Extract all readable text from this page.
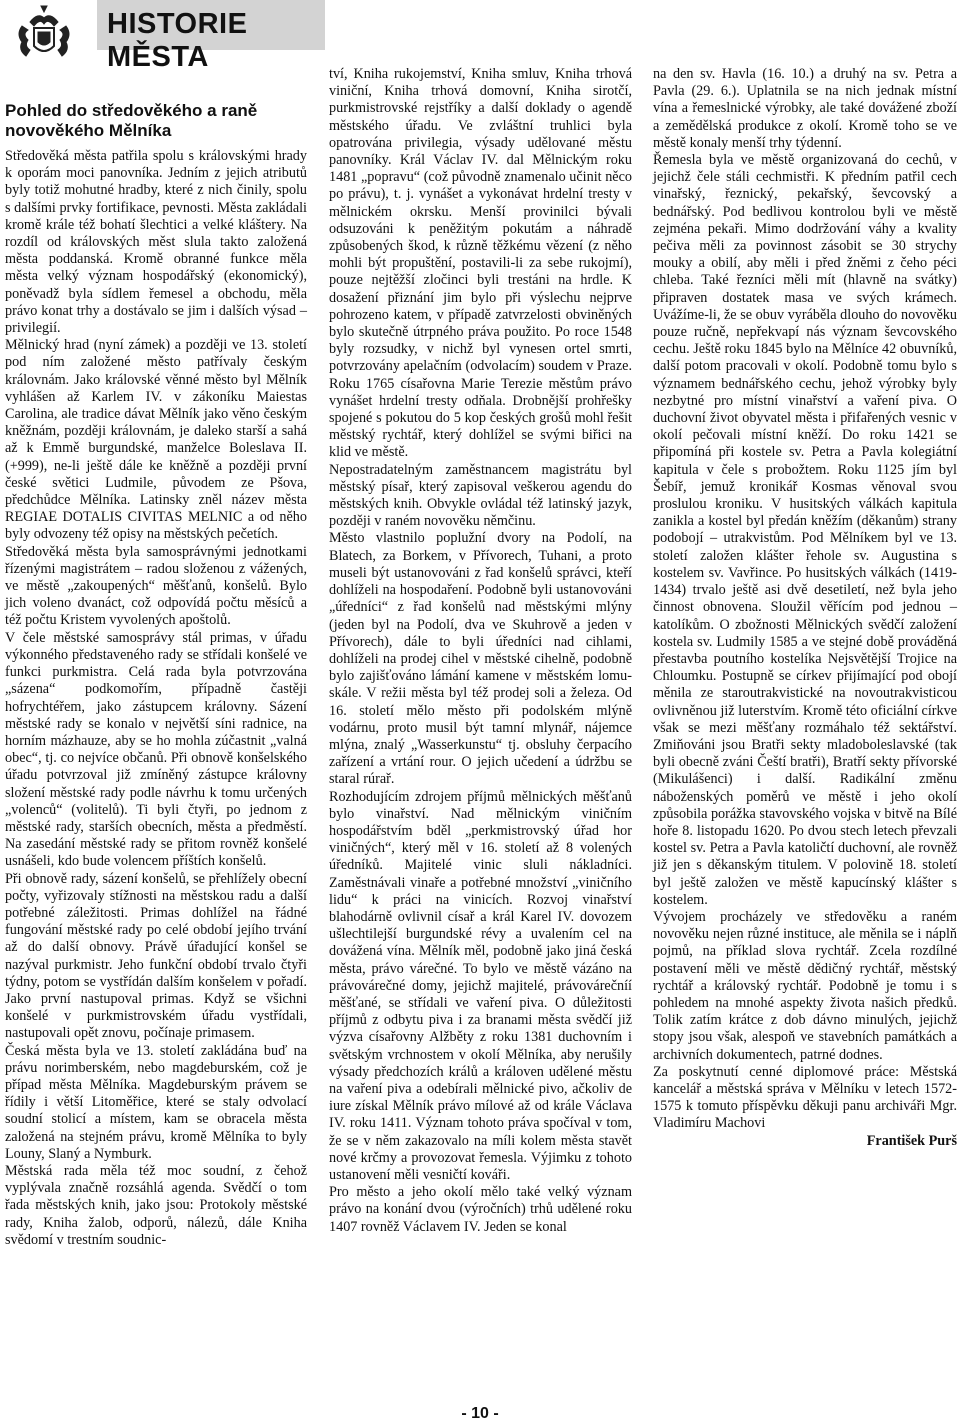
HISTORIE MĚSTA
Pohled do středověkého a raně novověkého Mělníka

Středověká města patřila spolu s královskými hrady k oporám moci panovníka. Jedním z jejich atributů byly totiž mohutné hradby, které z nich činily, spolu s dalšími prvky fortifikace, pevnosti. Města zakládali kromě krále též bohatí šlechtici a velké kláštery. Na rozdíl od královských měst slula takto založená města poddanská. Kromě obranné funkce měla města velký význam hospodářský (ekonomický), poněvadž byla sídlem řemesel a obchodu, měla právo konat trhy a dostávalo se jim i dalších výsad – privilegií.

Mělnický hrad (nyní zámek) a později ve 13. století pod ním založené město patřívaly českým královnám. Jako královské věnné město byl Mělník vyhlášen až Karlem IV. v zákoníku Maiestas Carolina, ale tradice dávat Mělník jako věno českým kněžnám, později královnám, je daleko starší a sahá až k Emmě burgundské, manželce Boleslava II. (+999), ne-li ještě dále ke kněžně a později první české světici Ludmile, původem ze Pšova, předchůdce Mělníka. Latinsky zněl název města REGIAE DOTALIS CIVITAS MELNIC a od něho byly odvozeny též opisy na městských pečetích.

Středověká města byla samosprávnými jednotkami řízenými magistrátem – radou složenou z vážených, ve městě „zakoupených“ měšťanů, konšelů. Bylo jich voleno dvanáct, což odpovídá počtu měsíců a též počtu Kristem vyvolených apoštolů.

V čele městské samosprávy stál primas, v úřadu výkonného představeného rady se střídali konšelé ve funkci purkmistra. Celá rada byla potvrzována „sázena“ podkomořím, případně častěji hofrychtéřem, jako zástupcem královny. Sázení městské rady se konalo v největší síni radnice, na horním mázhauze, aby se ho mohla zúčastnit „valná obec“, tj. co nejvíce občanů. Při obnově konšelského úřadu potvrzoval již zmíněný zástupce královny složení městské rady podle návrhu k tomu určených „volenců“ (volitelů). Ti byli čtyři, po jednom z městské rady, starších obecních, města a předměstí. Na zasedání městské rady se přitom rovněž konšelé usnášeli, kdo bude volencem příštích konšelů.

Při obnově rady, sázení konšelů, se přehlížely obecní počty, vyřizovaly stížnosti na městskou radu a další potřebné záležitosti. Primas dohlížel na řádné fungování městské rady po celé období jejího trvání až do další obnovy. Právě úřadující konšel se nazýval purkmistr. Jeho funkční období trvalo čtyři týdny, potom se vystřídán dalším konšelem v pořadí. Jako první nastupoval primas. Když se všichni konšelé v purkmistrovském úřadu vystřídali, nastupovali opět znovu, počínaje primasem.

Česká města byla ve 13. století zakládána buď na právu norimberském, nebo magdeburském, což je případ města Mělníka. Magdeburským právem se řídily i větší Litoměřice, které se staly odvolací soudní stolicí a místem, kam se obracela města založená na stejném právu, kromě Mělníka to byly Louny, Slaný a Nymburk.

Městská rada měla též moc soudní, z čehož vyplývala značně rozsáhlá agenda. Svědčí o tom řada městských knih, jako jsou: Protokoly městské rady, Kniha žalob, odporů, nálezů, dále Kniha svědomí v trestním soudnic-

tví, Kniha rukojemství, Kniha smluv, Kniha trhová viniční, Kniha trhová domovní, Kniha sirotčí, purkmistrovské rejstříky a další doklady o agendě městského úřadu. Ve zvláštní truhlici byla opatrována privilegia, výsady udělované městu panovníky. Král Václav IV. dal Mělnickým roku 1481 „popravu“ (což původně znamenalo učinit něco po právu), t. j. vynášet a vykonávat hrdelní tresty v mělnickém okrsku. Menší provinilci bývali odsuzováni k peněžitým pokutám a náhradě způsobených škod, k různě těžkému vězení (z něho mohli být propuštění, postavili-li za sebe rukojmí), pouze nejtěžší zločinci byli trestáni na hrdle. K dosažení přiznání jim bylo při výslechu nejprve pohrozeno katem, v případě zatvrzelosti obviněných bylo skutečně útrpného práva použito. Po roce 1548 byly rozsudky, v nichž byl vynesen ortel smrti, potvrzovány apelačním (odvolacím) soudem v Praze. Roku 1765 císařovna Marie Terezie městům právo vynášet hrdelní tresty odňala. Drobnější prohřešky spojené s pokutou do 5 kop českých grošů mohl řešit městský rychtář, který dohlížel se svými biřici na klid ve městě.

Nepostradatelným zaměstnancem magistrátu byl městský písař, který zapisoval veškerou agendu do městských knih. Obvykle ovládal též latinský jazyk, později v raném novověku němčinu.

Město vlastnilo poplužní dvory na Podolí, na Blatech, za Borkem, v Přívorech, Tuhani, a proto museli být ustanovováni z řad konšelů správci, kteří dohlíželi na hospodaření. Podobně byli ustanovováni „úředníci“ z řad konšelů nad městskými mlýny (jeden byl na Podolí, dva ve Skuhrově a jeden v Přívorech), dále to byli úředníci nad cihlami, dohlíželi na prodej cihel v městské cihelně, podobně bylo zajišťováno lámání kamene v městském lomu-skále. V režii města byl též prodej soli a železa. Od 16. století mělo město při podolském mlýně vodárnu, proto musil být tamní mlynář, nájemce mlýna, znalý „Wasserkunstu“ tj. obsluhy čerpacího zařízení a vrtání rour. O jejich učedení a údržbu se staral rúrař.

Rozhodujícím zdrojem příjmů mělnických měšťanů bylo vinařství. Nad mělnickým viničním hospodářstvím bděl „perkmistrovský úřad hor viničných“, který měl v 16. století až 8 volených úředníků. Majitelé vinic sluli nákladníci. Zaměstnávali vinaře a potřebné množství „viničního lidu“ k práci na vinicích. Rozvoj vinařství blahodárně ovlivnil císař a král Karel IV. dovozem ušlechtilejší burgundské révy a uvalením cel na dovážená vína. Mělník měl, podobně jako jiná česká města, právo várečné. To bylo ve městě vázáno na právovárečné domy, jejichž majitelé, právovárečníí měšťané, se střídali ve vaření piva. O důležitosti příjmů z odbytu piva i za branami města svědčí již výzva císařovny Alžběty z roku 1381 duchovním i světským vrchnostem v okolí Mělníka, aby nerušily výsady předchozích králů a královen udělené městu na vaření piva a odebírali mělnické pivo, ačkoliv de iure získal Mělník právo mílové až od krále Václava IV. roku 1411. Význam tohoto práva spočíval v tom, že se v něm zakazovalo na míli kolem města stavět nové krčmy a provozovat řemesla. Výjimku z tohoto ustanovení měli vesničtí kováři.

Pro město a jeho okolí mělo také velký význam právo na konání dvou (výročních) trhů udělené roku 1407 rovněž Václavem IV. Jeden se konal

na den sv. Havla (16. 10.) a druhý na sv. Petra a Pavla (29. 6.). Uplatnila se na nich jednak místní vína a řemeslnické výrobky, ale také dovážené zboží a zemědělská produkce z okolí. Kromě toho se ve městě konaly menší trhy týdenní.

Řemesla byla ve městě organizovaná do cechů, v jejichž čele stáli cechmistři. K předním patřil cech vinařský, řeznický, pekařský, ševcovský a bednářský. Pod bedlivou kontrolou byli ve městě zejména pekaři. Mimo dodržování váhy a kvality pečiva měli za povinnost zásobit se 30 strychy mouky a obilí, aby měli i před žněmi z čeho péci chleba. Také řezníci měli mít (hlavně na svátky) připraven dostatek masa ve svých krámech. Uvážíme-li, že se obuv vyráběla dlouho do novověku pouze ručně, nepřekvapí nás význam ševcovského cechu. Ještě roku 1845 bylo na Mělníce 42 obuvníků, další potom pracovali v okolí. Podobně tomu bylo s významem bednářského cechu, jehož výrobky byly nezbytné pro místní vinařství a vaření piva. O duchovní život obyvatel města i přifařených vesnic v okolí pečovali místní kněží. Do roku 1421 se připomíná při kostele sv. Petra a Pavla kolegiátní kapitula v čele s probožtem. Roku 1125 jím byl Šebíř, jemuž kronikář Kosmas věnoval svou proslulou kroniku. V husitských válkách kapitula zanikla a kostel byl předán kněžím (děkanům) strany podobojí – utrakvistům. Pod Mělníkem byl ve 13. století založen klášter řehole sv. Augustina s kostelem sv. Vavřince. Po husitských válkách (1419-1434) trvalo ještě asi dvě desetiletí, než byla jeho činnost obnovena. Sloužil věřícím pod jednou – katolíkům. O zbožnosti Mělnických svědčí založení kostela sv. Ludmily 1585 a ve stejné době prováděná přestavba poutního kostelíka Nejsvětější Trojice na Chloumku. Postupně se církev přijímající pod obojí měnila ze staroutrakvistické na novoutrakvisticou ovlivněnou již luterstvím. Kromě této oficiální církve však se mezi měšťany rozmáhalo též sektářství. Zmiňováni jsou Bratři sekty mladoboleslavské (tak byli obecně zváni Čeští bratři), Bratří sekty přívorské (Mikulášenci) i další. Radikální změnu náboženských poměrů ve městě i jeho okolí způsobila porážka stavovského vojska v bitvě na Bílé hoře 8. listopadu 1620. Po dvou stech letech převzali kostel sv. Petra a Pavla katoličtí duchovní, ale rovněž již jen s děkanským titulem. V polovině 18. století byl ještě založen ve městě kapucínský klášter s kostelem.

Vývojem procházely ve středověku a raném novověku nejen různé instituce, ale měnila se i náplň pojmů, na příklad slova rychtář. Zcela rozdílné postavení měli ve městě dědičný rychtář, městský rychtář a královský rychtář. Podobně je tomu i s pohledem na mnohé aspekty života našich předků. Tolik zatím krátce z dob dávno minulých, jejichž stopy jsou však, alespoň ve stavebních památkách a archivních dokumentech, patrné dodnes.

Za poskytnutí cenné diplomové práce: Městská kancelář a městská správa v Mělníku v letech 1572-1575 k tomuto příspěvku děkuji panu archiváři Mgr. Vladimíru Machovi

František Purš

- 10 -
